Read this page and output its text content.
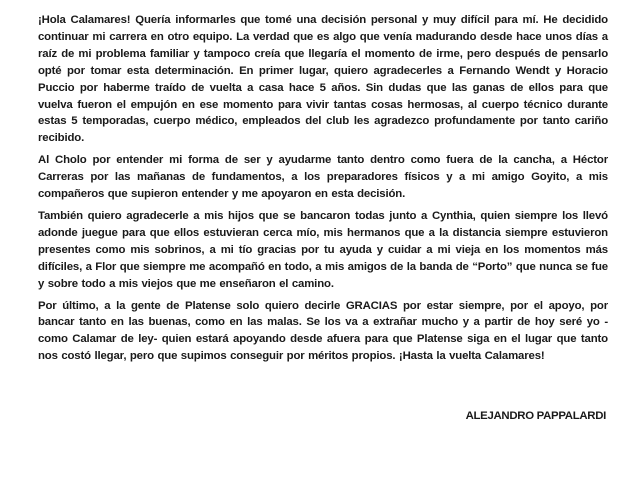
¡Hola Calamares! Quería informarles que tomé una decisión personal y muy difícil para mí. He decidido continuar mi carrera en otro equipo. La verdad que es algo que venía madurando desde hace unos días a raíz de mi problema familiar y tampoco creía que llegaría el momento de irme, pero después de pensarlo opté por tomar esta determinación. En primer lugar, quiero agradecerles a Fernando Wendt y Horacio Puccio por haberme traído de vuelta a casa hace 5 años. Sin dudas que las ganas de ellos para que vuelva fueron el empujón en ese momento para vivir tantas cosas hermosas, al cuerpo técnico durante estas 5 temporadas, cuerpo médico, empleados del club les agradezco profundamente por tanto cariño recibido.

Al Cholo por entender mi forma de ser y ayudarme tanto dentro como fuera de la cancha, a Héctor Carreras por las mañanas de fundamentos, a los preparadores físicos y a mi amigo Goyito, a mis compañeros que supieron entender y me apoyaron en esta decisión.

También quiero agradecerle a mis hijos que se bancaron todas junto a Cynthia, quien siempre los llevó adonde juegue para que ellos estuvieran cerca mío, mis hermanos que a la distancia siempre estuvieron presentes como mis sobrinos, a mi tío gracias por tu ayuda y cuidar a mi vieja en los momentos más difíciles, a Flor que siempre me acompañó en todo, a mis amigos de la banda de “Porto” que nunca se fue y sobre todo a mis viejos que me enseñaron el camino.

Por último, a la gente de Platense solo quiero decirle GRACIAS por estar siempre, por el apoyo, por bancar tanto en las buenas, como en las malas. Se los va a extrañar mucho y a partir de hoy seré yo -como Calamar de ley- quien estará apoyando desde afuera para que Platense siga en el lugar que tanto nos costó llegar, pero que supimos conseguir por méritos propios. ¡Hasta la vuelta Calamares!

ALEJANDRO PAPPALARDI
